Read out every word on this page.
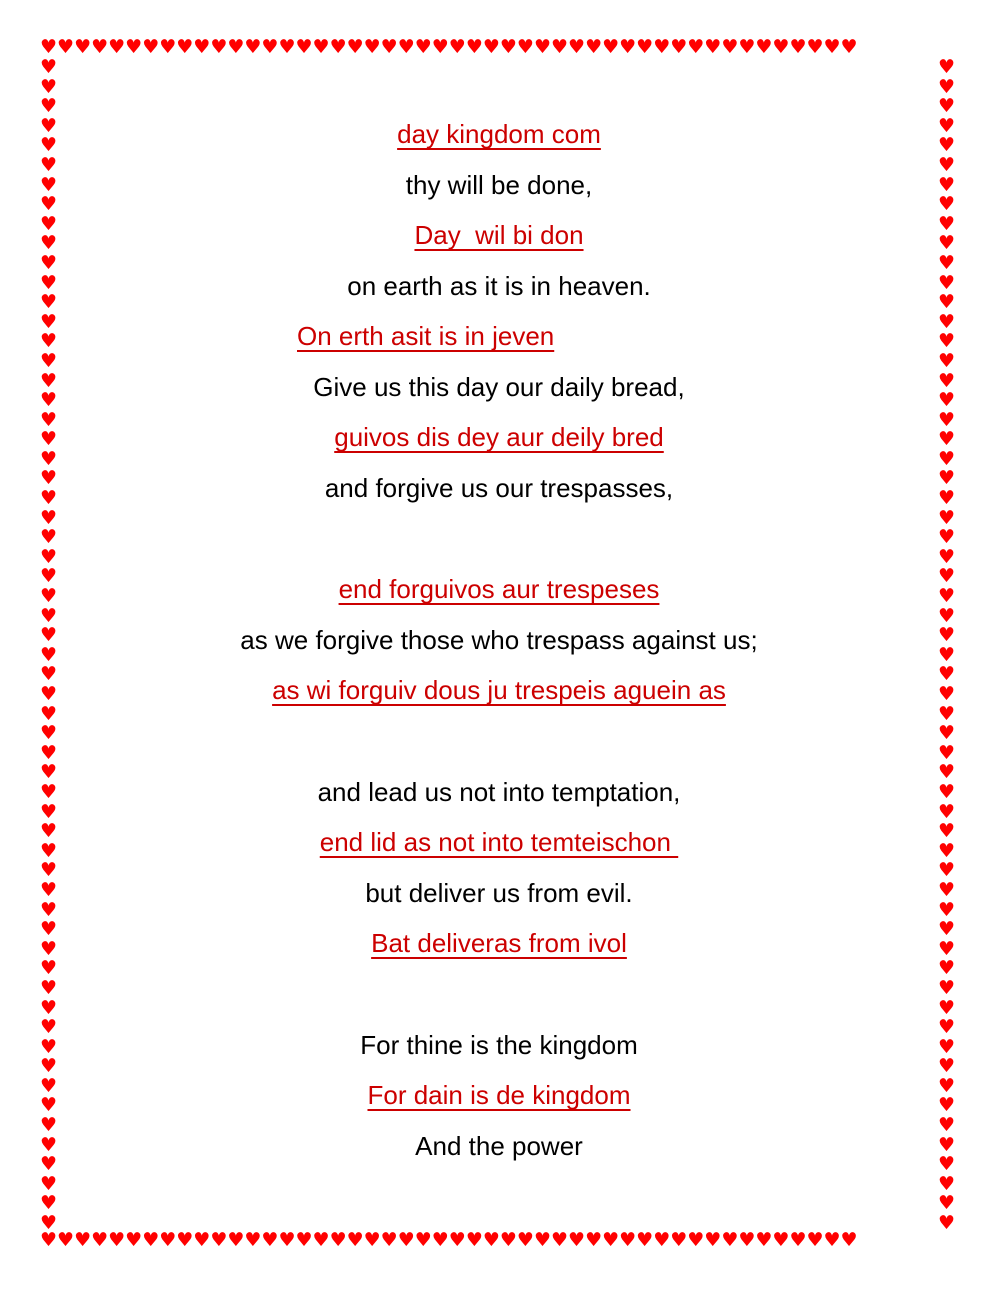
♥♥♥♥♥♥♥♥♥♥♥♥♥♥♥♥♥♥♥♥♥♥♥♥♥♥♥♥♥♥♥♥♥♥♥♥♥♥♥♥♥♥♥♥♥♥♥♥
♥♥♥♥♥♥♥♥♥♥♥♥♥♥♥♥♥♥♥♥♥♥♥♥♥♥♥♥♥♥♥♥♥♥♥♥♥♥♥♥♥♥♥♥♥♥♥♥
♥
♥
♥
♥
♥
♥
♥
♥
♥
♥
♥
♥
♥
♥
♥
♥
♥
♥
♥
♥
♥
♥
♥
♥
♥
♥
♥
♥
♥
♥
♥
♥
♥
♥
♥
♥
♥
♥
♥
♥
♥
♥
♥
♥
♥
♥
♥
♥
♥
♥
♥
♥
♥
♥
♥
♥
♥
♥
♥
♥
♥
♥
♥
♥
♥
♥
♥
♥
♥
♥
♥
♥
♥
♥
♥
♥
♥
♥
♥
♥
♥
♥
♥
♥
♥
♥
♥
♥
♥
♥
♥
♥
♥
♥
♥
♥
♥
♥
♥
♥
♥
♥
♥
♥
♥
♥
♥
♥
♥
♥
♥
♥
♥
♥
♥
♥
♥
♥
♥
♥
day kingdom com
thy will be done,
Day  wil bi don
on earth as it is in heaven.
On erth asit is in jeven
Give us this day our daily bread,
guivos dis dey aur deily bred
and forgive us our trespasses,
end forguivos aur trespeses
as we forgive those who trespass against us;
as wi forguiv dous ju trespeis aguein as
and lead us not into temptation,
end lid as not into temteischon
but deliver us from evil.
Bat deliveras from ivol
For thine is the kingdom
For dain is de kingdom
And the power
